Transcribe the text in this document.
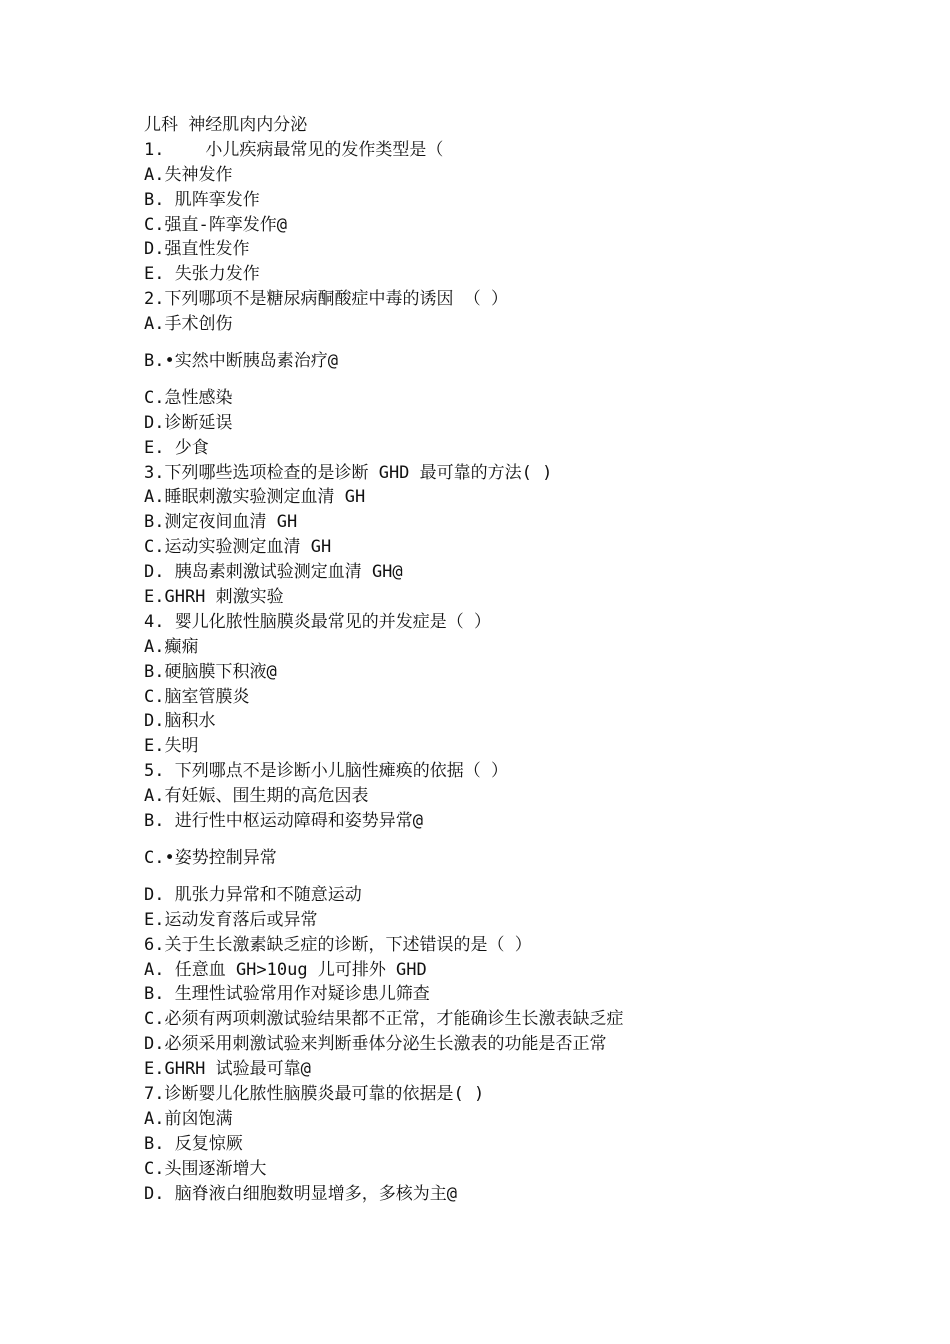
儿科 神经肌肉内分泌
1.    小儿疾病最常见的发作类型是（
A.失神发作
B. 肌阵挛发作
C.强直-阵挛发作@
D.强直性发作
E. 失张力发作
2.下列哪项不是糖尿病酮酸症中毒的诱因 （ ）
A.手术创伤
B.•实然中断胰岛素治疗@
C.急性感染
D.诊断延误
E. 少食
3.下列哪些选项检查的是诊断 GHD 最可靠的方法( )
A.睡眠刺激实验测定血清 GH
B.测定夜间血清 GH
C.运动实验测定血清 GH
D. 胰岛素刺激试验测定血清 GH@
E.GHRH 刺激实验
4. 婴儿化脓性脑膜炎最常见的并发症是（ ）
A.癫痫
B.硬脑膜下积液@
C.脑室管膜炎
D.脑积水
E.失明
5. 下列哪点不是诊断小儿脑性瘫痪的依据（ ）
A.有妊娠、围生期的高危因表
B. 进行性中枢运动障碍和姿势异常@
C.•姿势控制异常
D. 肌张力异常和不随意运动
E.运动发育落后或异常
6.关于生长激素缺乏症的诊断，下述错误的是（ ）
A. 任意血 GH>10ug 儿可排外 GHD
B. 生理性试验常用作对疑诊患儿筛查
C.必须有两项刺激试验结果都不正常，才能确诊生长激表缺乏症
D.必须采用刺激试验来判断垂体分泌生长激表的功能是否正常
E.GHRH 试验最可靠@
7.诊断婴儿化脓性脑膜炎最可靠的依据是( )
A.前囟饱满
B. 反复惊厥
C.头围逐渐增大
D. 脑脊液白细胞数明显增多，多核为主@
